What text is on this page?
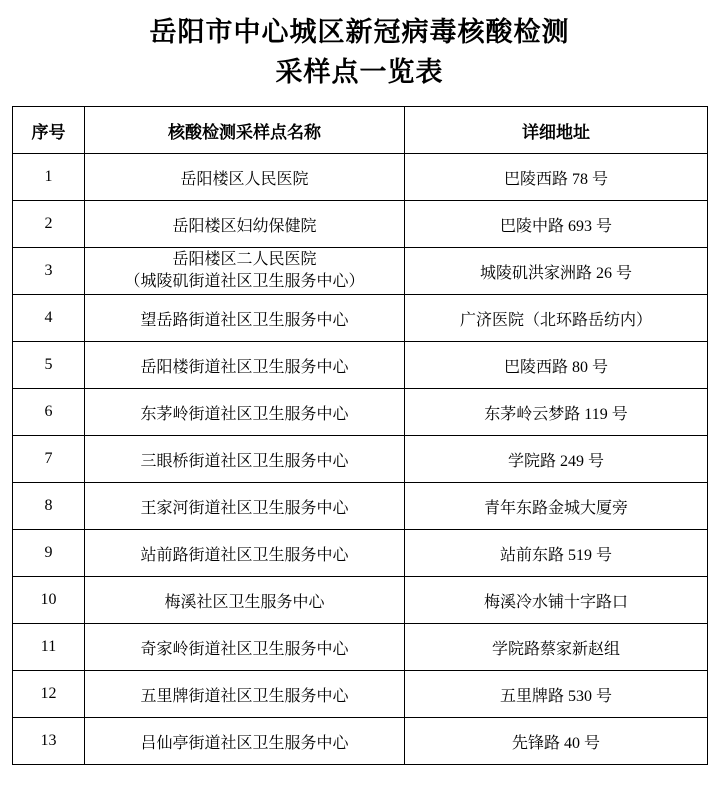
岳阳市中心城区新冠病毒核酸检测
采样点一览表
序号	核酸检测采样点名称	详细地址
1	岳阳楼区人民医院	巴陵西路 78 号
2	岳阳楼区妇幼保健院	巴陵中路 693 号
3	岳阳楼区二人民医院
（城陵矶街道社区卫生服务中心）	城陵矶洪家洲路 26 号
4	望岳路街道社区卫生服务中心	广济医院（北环路岳纺内）
5	岳阳楼街道社区卫生服务中心	巴陵西路 80 号
6	东茅岭街道社区卫生服务中心	东茅岭云梦路 119 号
7	三眼桥街道社区卫生服务中心	学院路 249 号
8	王家河街道社区卫生服务中心	青年东路金城大厦旁
9	站前路街道社区卫生服务中心	站前东路 519 号
10	梅溪社区卫生服务中心	梅溪冷水铺十字路口
11	奇家岭街道社区卫生服务中心	学院路蔡家新赵组
12	五里牌街道社区卫生服务中心	五里牌路 530 号
13	吕仙亭街道社区卫生服务中心	先锋路 40 号
